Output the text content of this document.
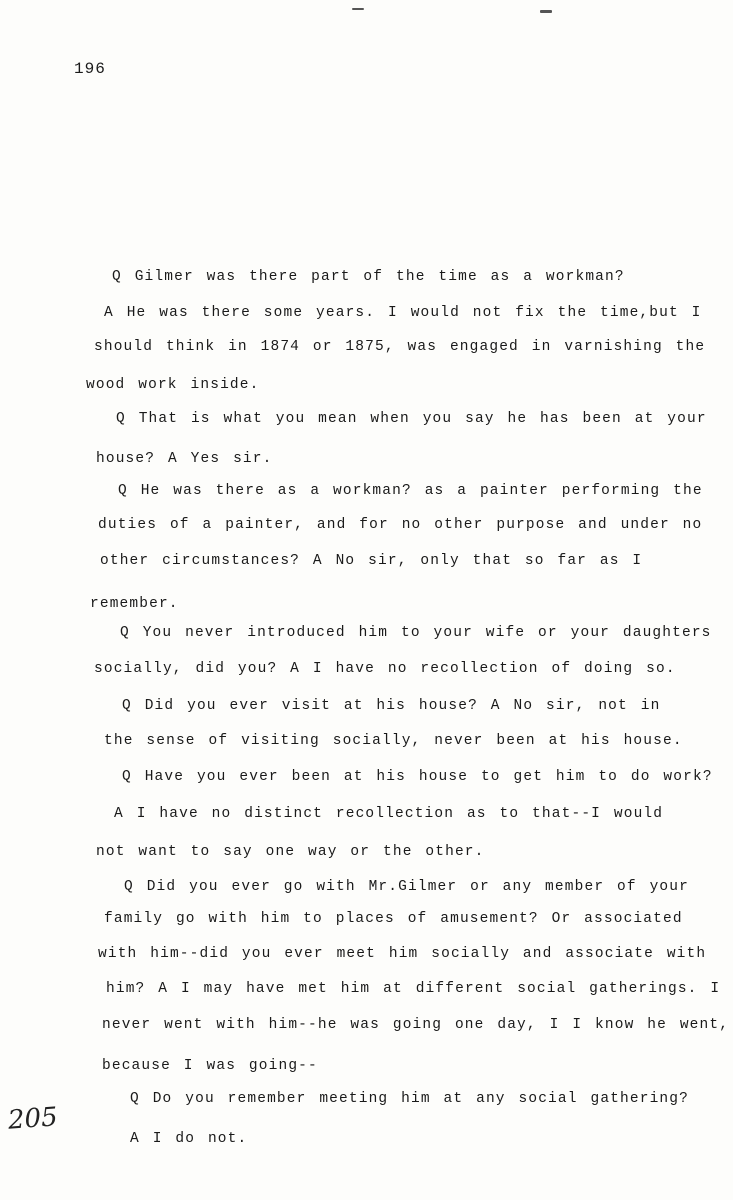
196
Q Gilmer was there part of the time as a workman?
A He was there some years. I would not fix the time,but I
should think in 1874 or 1875, was engaged in varnishing the
wood work inside.
Q That is what you mean when you say he has been at your
house? A Yes sir.
Q He was there as a workman? as a painter performing the
duties of a painter, and for no other purpose and under no
other circumstances? A No sir, only that so far as I
remember.
Q You never introduced him to your wife or your daughters
socially, did you? A I have no recollection of doing so.
Q Did you ever visit at his house? A No sir, not in
the sense of visiting socially, never been at his house.
Q Have you ever been at his house to get him to do work?
A I have no distinct recollection as to that--I would
not want to say one way or the other.
Q Did you ever go with Mr.Gilmer or any member of your
family go with him to places of amusement? Or associated
with him--did you ever meet him socially and associate with
him? A I may have met him at different social gatherings. I
never went with him--he was going one day, I I know he went,
because I was going--
Q Do you remember meeting him at any social gathering?
A I do not.
205
